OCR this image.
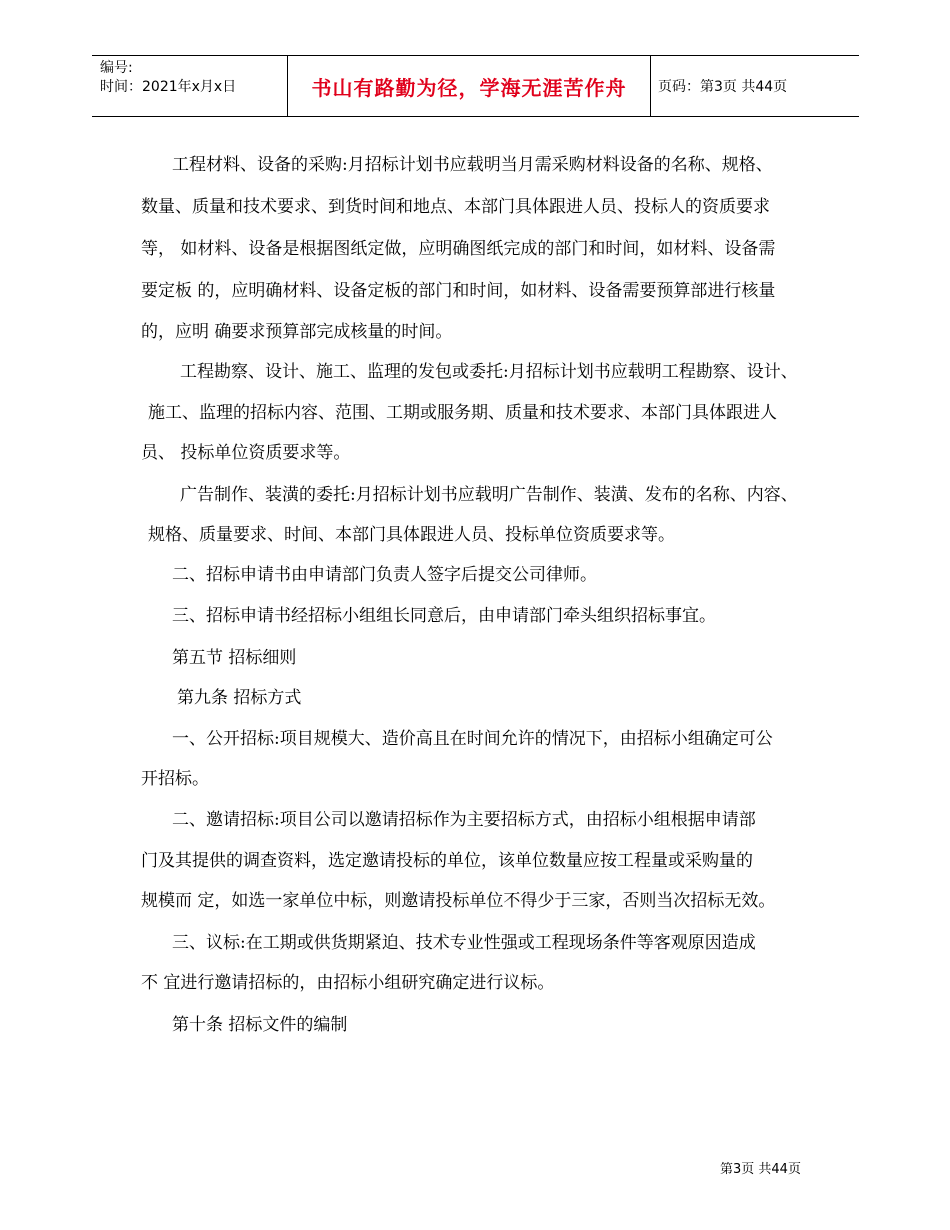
编号:
时间：2021年x月x日	书山有路勤为径，学海无涯苦作舟 页码：第3页 共44页
工程材料、设备的采购:月招标计划书应载明当月需采购材料设备的名称、规格、
数量、质量和技术要求、到货时间和地点、本部门具体跟进人员、投标人的资质要求
等， 如材料、设备是根据图纸定做，应明确图纸完成的部门和时间，如材料、设备需
要定板 的，应明确材料、设备定板的部门和时间，如材料、设备需要预算部进行核量
的，应明 确要求预算部完成核量的时间。
工程勘察、设计、施工、监理的发包或委托:月招标计划书应载明工程勘察、设计、
施工、监理的招标内容、范围、工期或服务期、质量和技术要求、本部门具体跟进人
员、 投标单位资质要求等。
广告制作、装潢的委托:月招标计划书应载明广告制作、装潢、发布的名称、内容、
规格、质量要求、时间、本部门具体跟进人员、投标单位资质要求等。
二、招标申请书由申请部门负责人签字后提交公司律师。
三、招标申请书经招标小组组长同意后，由申请部门牵头组织招标事宜。
第五节 招标细则
第九条 招标方式
一、公开招标:项目规模大、造价高且在时间允许的情况下，由招标小组确定可公
开招标。
二、邀请招标:项目公司以邀请招标作为主要招标方式，由招标小组根据申请部
门及其提供的调查资料，选定邀请投标的单位，该单位数量应按工程量或采购量的
规模而 定，如选一家单位中标，则邀请投标单位不得少于三家，否则当次招标无效。
三、议标:在工期或供货期紧迫、技术专业性强或工程现场条件等客观原因造成
不 宜进行邀请招标的，由招标小组研究确定进行议标。
第十条 招标文件的编制
第3页 共44页
